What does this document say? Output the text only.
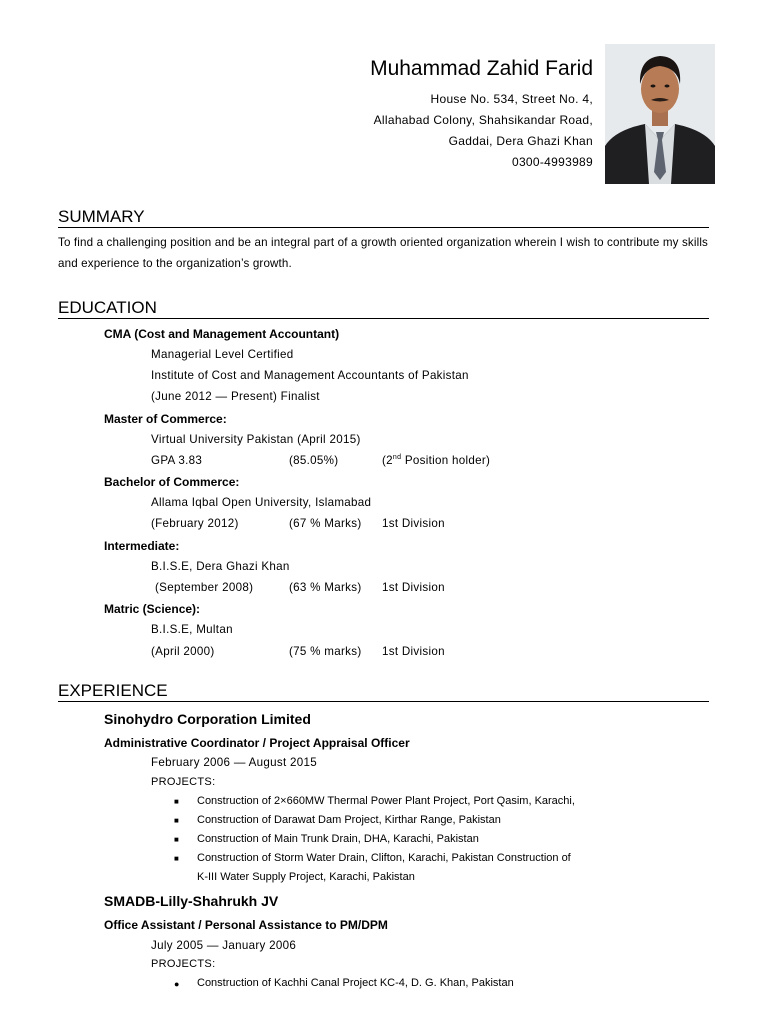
Muhammad Zahid Farid
House No. 534, Street No. 4,
Allahabad Colony, Shahsikandar Road,
Gaddai, Dera Ghazi Khan
0300-4993989
SUMMARY
To find a challenging position and be an integral part of a growth oriented organization wherein I wish to contribute my skills and experience to the organization’s growth.
EDUCATION
CMA (Cost and Management Accountant)
Managerial Level Certified
Institute of Cost and Management Accountants of Pakistan
(June 2012 — Present) Finalist
Master of Commerce:
Virtual University Pakistan (April 2015)
GPA 3.83	(85.05%)	(2nd Position holder)
Bachelor of Commerce:
Allama Iqbal Open University, Islamabad
(February 2012)	(67 % Marks) 1st Division
Intermediate:
B.I.S.E, Dera Ghazi Khan
(September 2008)	(63 % Marks) 1st Division
Matric (Science):
B.I.S.E, Multan
(April 2000)	(75 % marks) 1st Division
EXPERIENCE
Sinohydro Corporation Limited
Administrative Coordinator / Project Appraisal Officer
February 2006 — August 2015
PROJECTS:
■ Construction of 2×660MW Thermal Power Plant Project, Port Qasim, Karachi,
■ Construction of Darawat Dam Project, Kirthar Range, Pakistan
■ Construction of Main Trunk Drain, DHA, Karachi, Pakistan
■ Construction of Storm Water Drain, Clifton, Karachi, Pakistan Construction of
K-III Water Supply Project, Karachi, Pakistan
SMADB-Lilly-Shahrukh JV
Office Assistant / Personal Assistance to PM/DPM
July 2005 — January 2006
PROJECTS:
● Construction of Kachhi Canal Project KC-4, D. G. Khan, Pakistan
